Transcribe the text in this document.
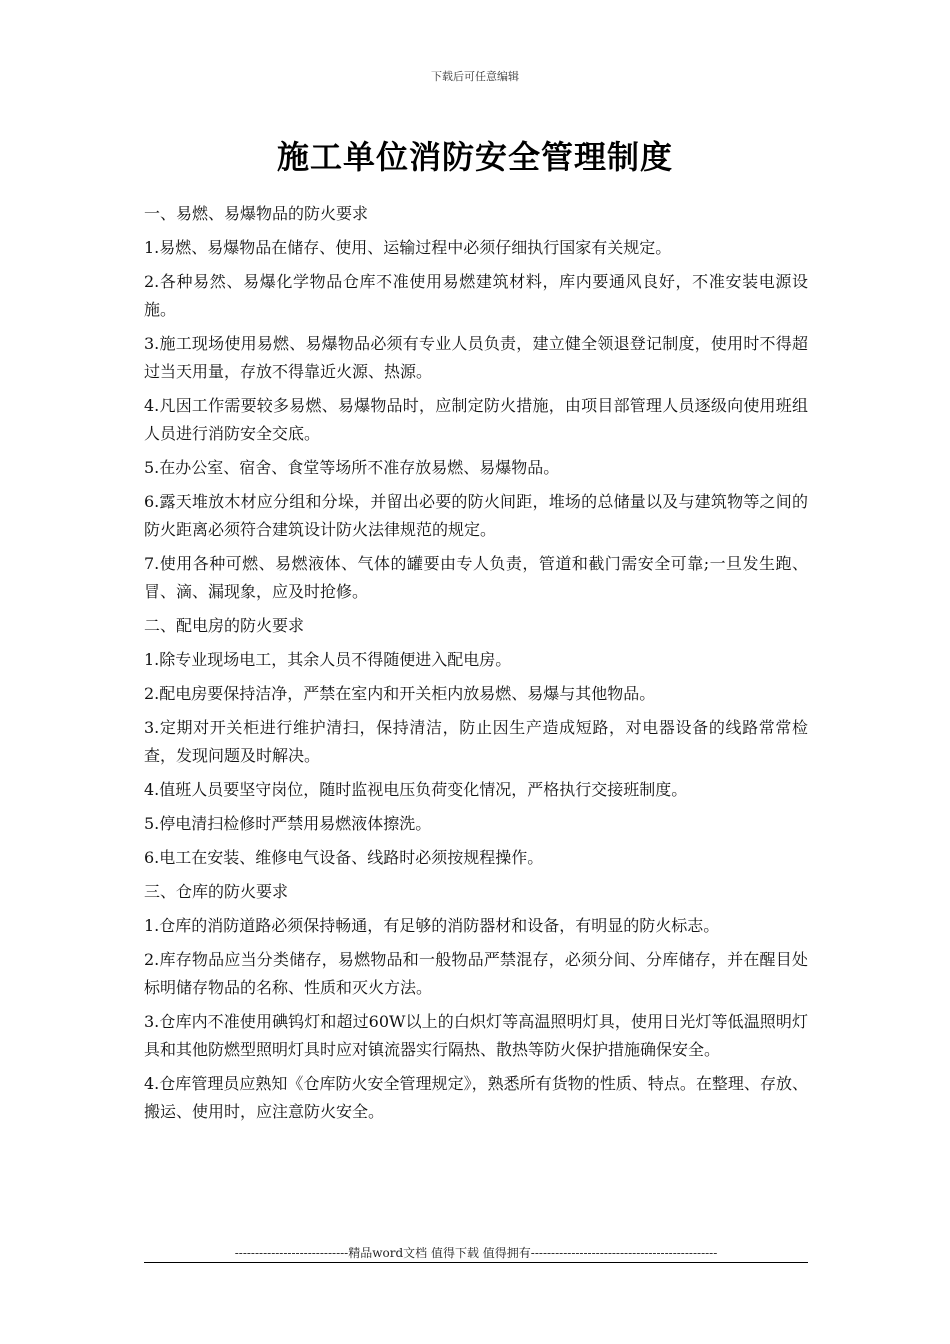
下载后可任意编辑
施工单位消防安全管理制度

一、易燃、易爆物品的防火要求

1.易燃、易爆物品在储存、使用、运输过程中必须仔细执行国家有关规定。

2.各种易然、易爆化学物品仓库不准使用易燃建筑材料，库内要通风良好，不准安装电源设施。

3.施工现场使用易燃、易爆物品必须有专业人员负责，建立健全领退登记制度，使用时不得超过当天用量，存放不得靠近火源、热源。

4.凡因工作需要较多易燃、易爆物品时，应制定防火措施，由项目部管理人员逐级向使用班组人员进行消防安全交底。

5.在办公室、宿舍、食堂等场所不准存放易燃、易爆物品。

6.露天堆放木材应分组和分垛，并留出必要的防火间距，堆场的总储量以及与建筑物等之间的防火距离必须符合建筑设计防火法律规范的规定。

7.使用各种可燃、易燃液体、气体的罐要由专人负责，管道和截门需安全可靠;一旦发生跑、冒、滴、漏现象，应及时抢修。

二、配电房的防火要求

1.除专业现场电工，其余人员不得随便进入配电房。

2.配电房要保持洁净，严禁在室内和开关柜内放易燃、易爆与其他物品。

3.定期对开关柜进行维护清扫，保持清洁，防止因生产造成短路，对电器设备的线路常常检查，发现问题及时解决。

4.值班人员要坚守岗位，随时监视电压负荷变化情况，严格执行交接班制度。

5.停电清扫检修时严禁用易燃液体擦洗。

6.电工在安装、维修电气设备、线路时必须按规程操作。

三、仓库的防火要求

1.仓库的消防道路必须保持畅通，有足够的消防器材和设备，有明显的防火标志。

2.库存物品应当分类储存，易燃物品和一般物品严禁混存，必须分间、分库储存，并在醒目处标明储存物品的名称、性质和灭火方法。

3.仓库内不准使用碘钨灯和超过60W以上的白炽灯等高温照明灯具，使用日光灯等低温照明灯具和其他防燃型照明灯具时应对镇流器实行隔热、散热等防火保护措施确保安全。

4.仓库管理员应熟知《仓库防火安全管理规定》，熟悉所有货物的性质、特点。在整理、存放、搬运、使用时，应注意防火安全。

----------------------------精品word文档 值得下载 值得拥有----------------------------------------------
